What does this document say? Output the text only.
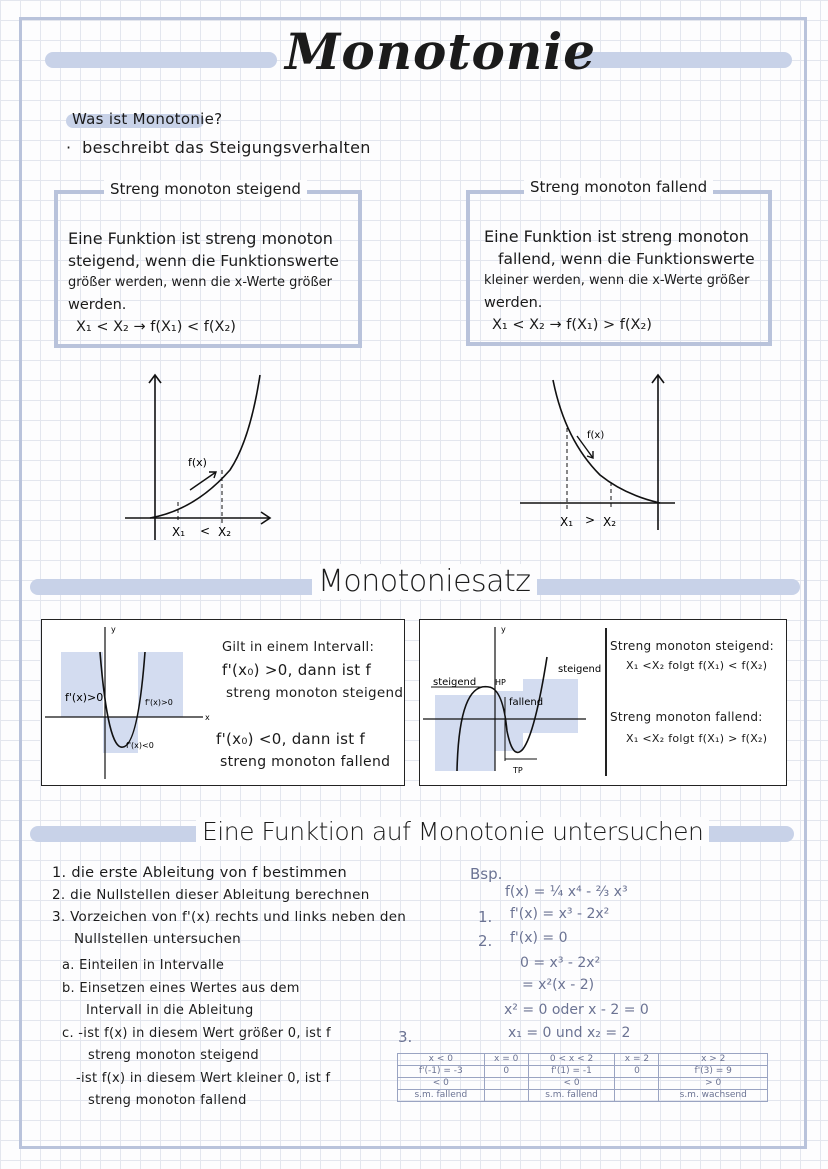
Monotonie
Was ist Monotonie?
·  beschreibt das Steigungsverhalten
Streng monoton steigend
Eine Funktion ist streng monoton
steigend, wenn die Funktionswerte
größer werden, wenn die x-Werte größer
werden.
X₁ < X₂ → f(X₁) < f(X₂)
Streng monoton fallend
Eine Funktion ist streng monoton
fallend, wenn die Funktionswerte
kleiner werden, wenn die x-Werte größer
werden.
X₁ < X₂ → f(X₁) > f(X₂)
f(x)
X₁ < X₂
f(x)
X₁ > X₂
Monotoniesatz
y
x
f'(x)>0	f'(x)>0
f'(x)<0
Gilt in einem Intervall:
f'(x₀) >0, dann ist f
streng monoton steigend
f'(x₀) <0, dann ist f
streng monoton fallend
y
steigend HP
fallend
steigend
TP
Streng monoton steigend:
X₁ <X₂ folgt f(X₁) < f(X₂)
Streng monoton fallend:
X₁ <X₂ folgt f(X₁) > f(X₂)
Eine Funktion auf Monotonie untersuchen
1. die erste Ableitung von f bestimmen
2. die Nullstellen dieser Ableitung berechnen
3. Vorzeichen von f'(x) rechts und links neben den
Nullstellen untersuchen
a. Einteilen in Intervalle
b. Einsetzen eines Wertes aus dem
Intervall in die Ableitung
c. -ist f(x) in diesem Wert größer 0, ist f
streng monoton steigend
-ist f(x) in diesem Wert kleiner 0, ist f
streng monoton fallend
Bsp.
f(x) = ¼ x⁴ - ⅔ x³
1. f'(x) = x³ - 2x²
2. f'(x) = 0
0 = x³ - 2x²
= x²(x - 2)
x² = 0 oder x - 2 = 0
x₁ = 0 und x₂ = 2
3.
x < 0	x = 0	0 < x < 2	x = 2	x > 2
f'(-1) = -3	0	f'(1) = -1	0	f'(3) = 9
< 0		< 0		> 0
s.m. fallend		s.m. fallend		s.m. wachsend
